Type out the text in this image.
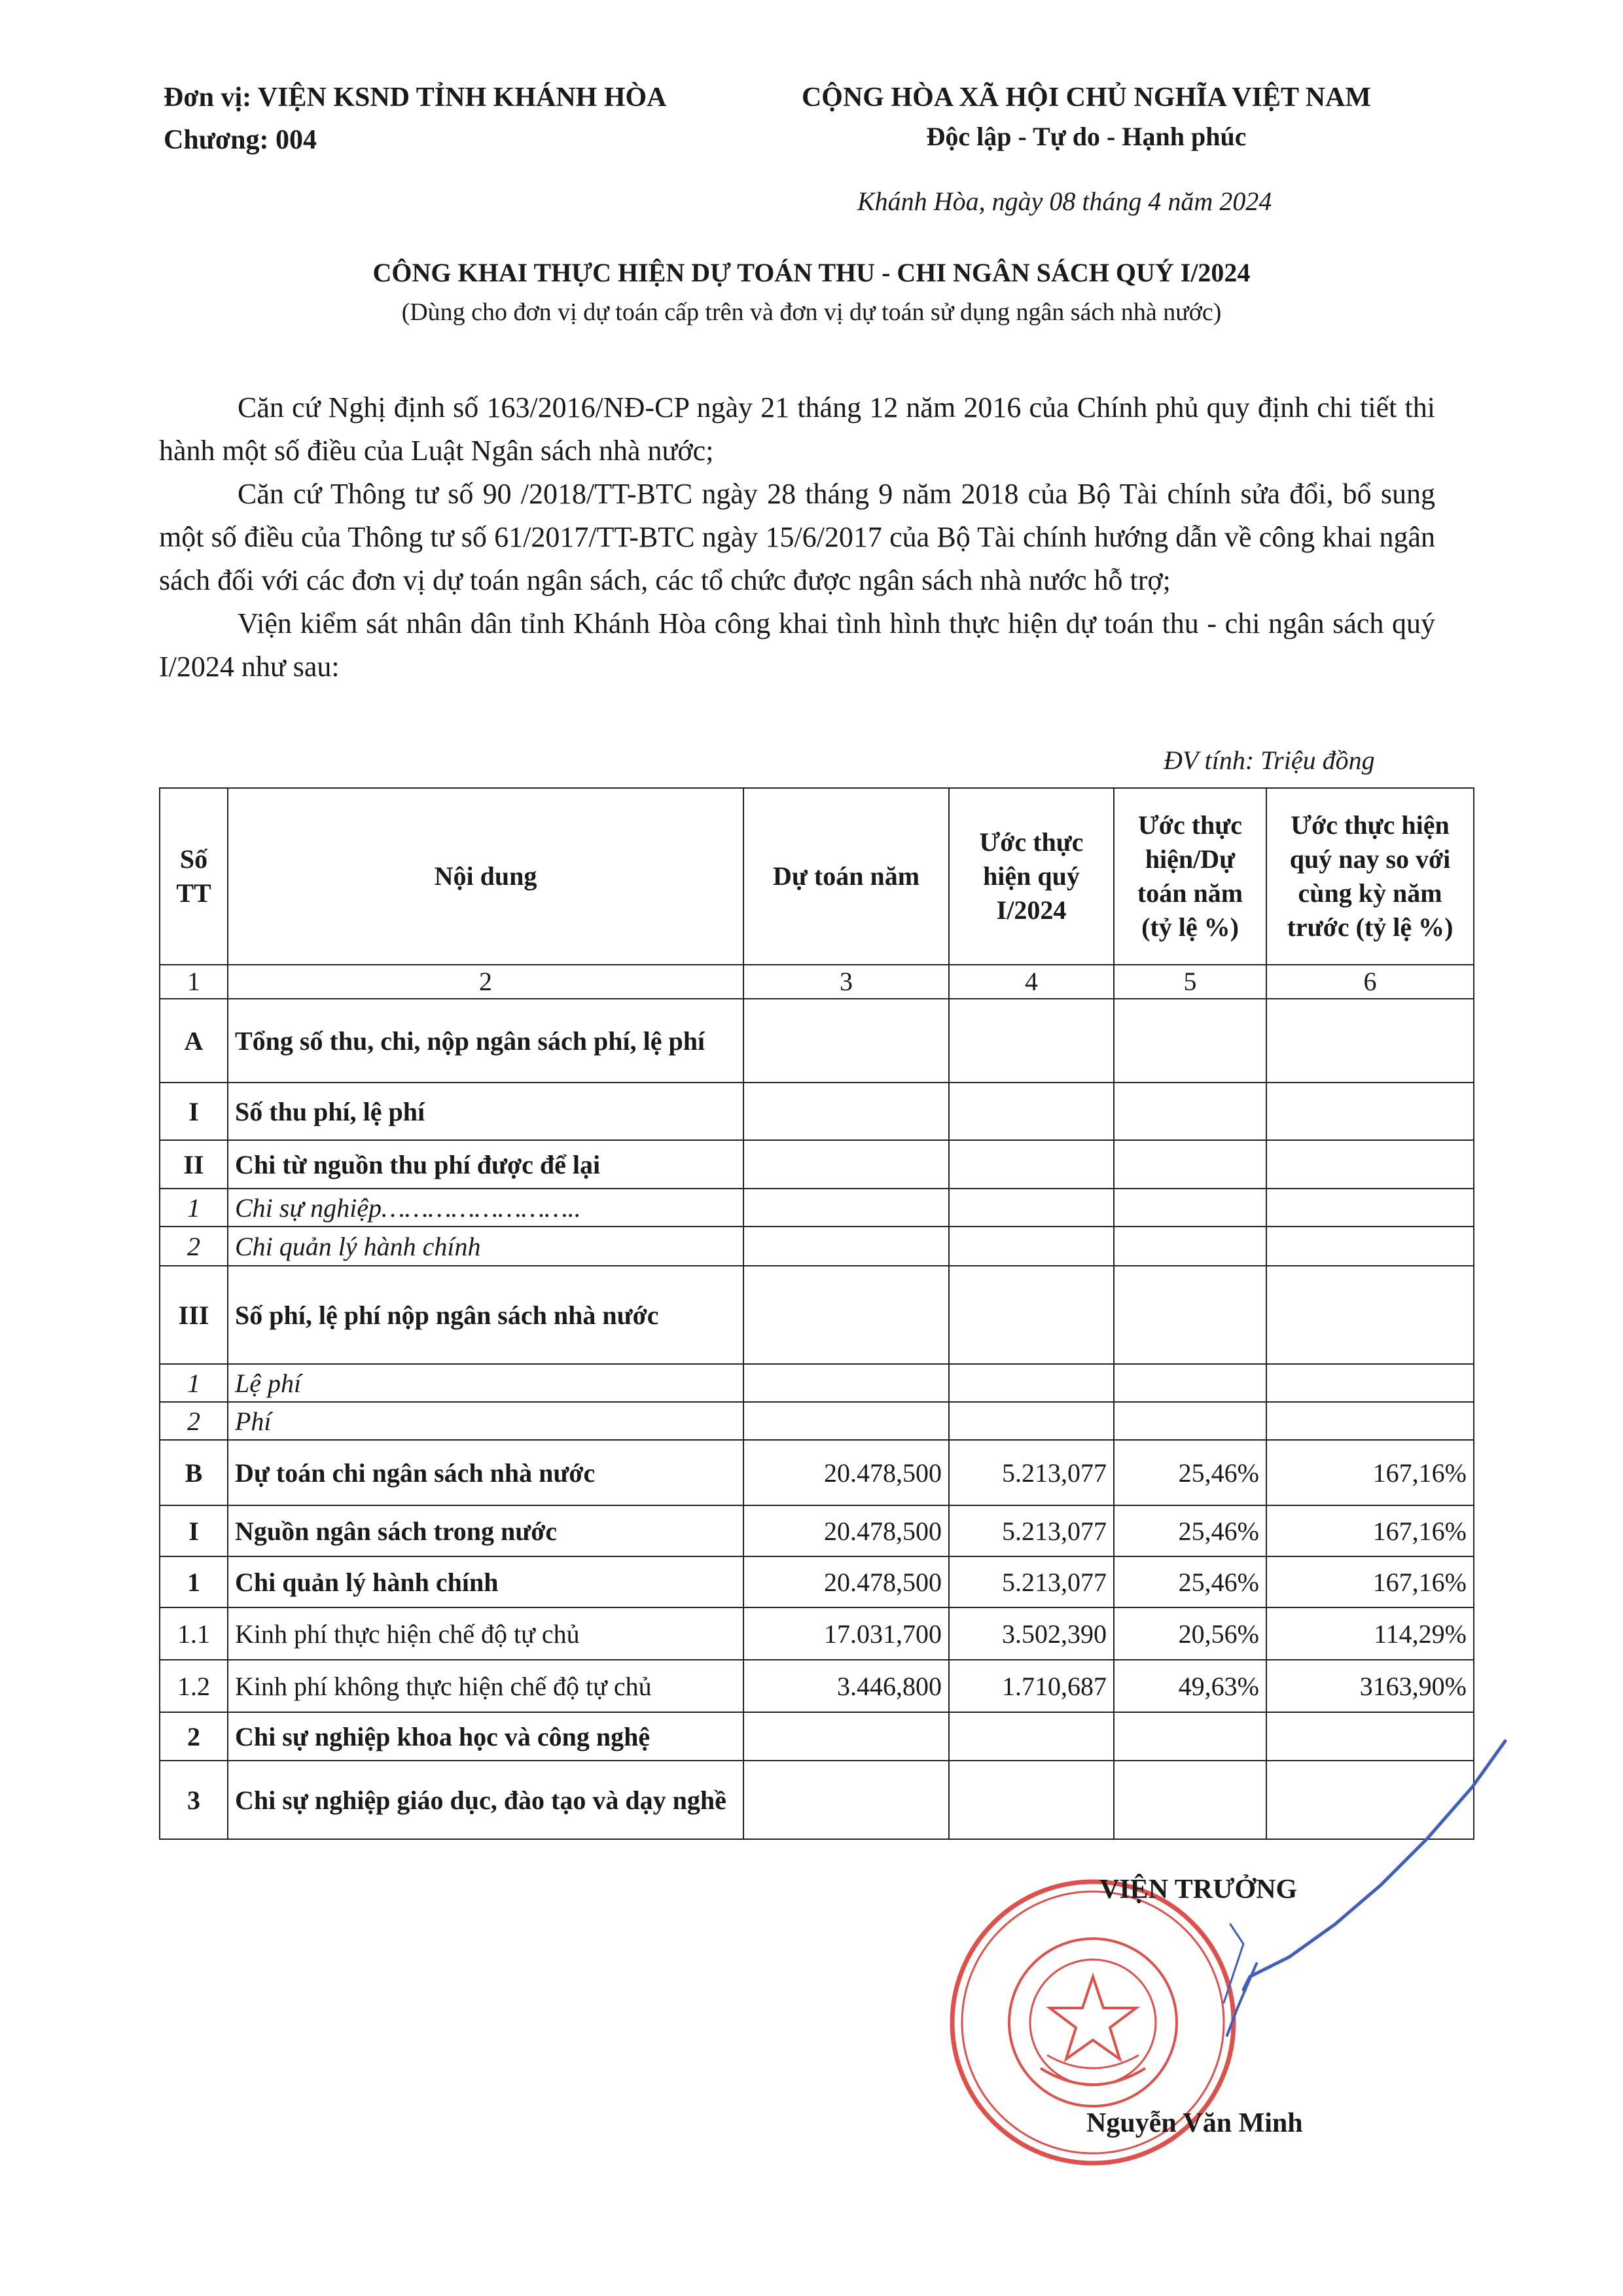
Đơn vị: VIỆN KSND TỈNH KHÁNH HÒA
Chương: 004
CỘNG HÒA XÃ HỘI CHỦ NGHĨA VIỆT NAM
Độc lập - Tự do - Hạnh phúc
Khánh Hòa, ngày 08 tháng 4 năm 2024
CÔNG KHAI THỰC HIỆN DỰ TOÁN THU - CHI NGÂN SÁCH QUÝ I/2024
(Dùng cho đơn vị dự toán cấp trên và đơn vị dự toán sử dụng ngân sách nhà nước)

Căn cứ Nghị định số 163/2016/NĐ-CP ngày 21 tháng 12 năm 2016 của Chính phủ quy định chi tiết thi hành một số điều của Luật Ngân sách nhà nước;

Căn cứ Thông tư số 90 /2018/TT-BTC ngày 28 tháng 9 năm 2018 của Bộ Tài chính sửa đổi, bổ sung một số điều của Thông tư số 61/2017/TT-BTC ngày 15/6/2017 của Bộ Tài chính hướng dẫn về công khai ngân sách đối với các đơn vị dự toán ngân sách, các tổ chức được ngân sách nhà nước hỗ trợ;

Viện kiểm sát nhân dân tỉnh Khánh Hòa công khai tình hình thực hiện dự toán thu - chi ngân sách quý I/2024 như sau:

ĐV tính: Triệu đồng
Số TT	Nội dung	Dự toán năm	Ước thực hiện quý I/2024	Ước thực hiện/Dự toán năm (tỷ lệ %)	Ước thực hiện quý nay so với cùng kỳ năm trước (tỷ lệ %)
1	2	3	4	5	6
A	Tổng số thu, chi, nộp ngân sách phí, lệ phí				
I	Số thu phí, lệ phí				
II	Chi từ nguồn thu phí được để lại				
1	Chi sự nghiệp……………………..				
2	Chi quản lý hành chính				
III	Số phí, lệ phí nộp ngân sách nhà nước				
1	Lệ phí				
2	Phí				
B	Dự toán chi ngân sách nhà nước	20.478,500	5.213,077	25,46%	167,16%
I	Nguồn ngân sách trong nước	20.478,500	5.213,077	25,46%	167,16%
1	Chi quản lý hành chính	20.478,500	5.213,077	25,46%	167,16%
1.1	Kinh phí thực hiện chế độ tự chủ	17.031,700	3.502,390	20,56%	114,29%
1.2	Kinh phí không thực hiện chế độ tự chủ	3.446,800	1.710,687	49,63%	3163,90%
2	Chi sự nghiệp khoa học và công nghệ				
3	Chi sự nghiệp giáo dục, đào tạo và dạy nghề				
VIỆN TRƯỞNG
Nguyễn Văn Minh
